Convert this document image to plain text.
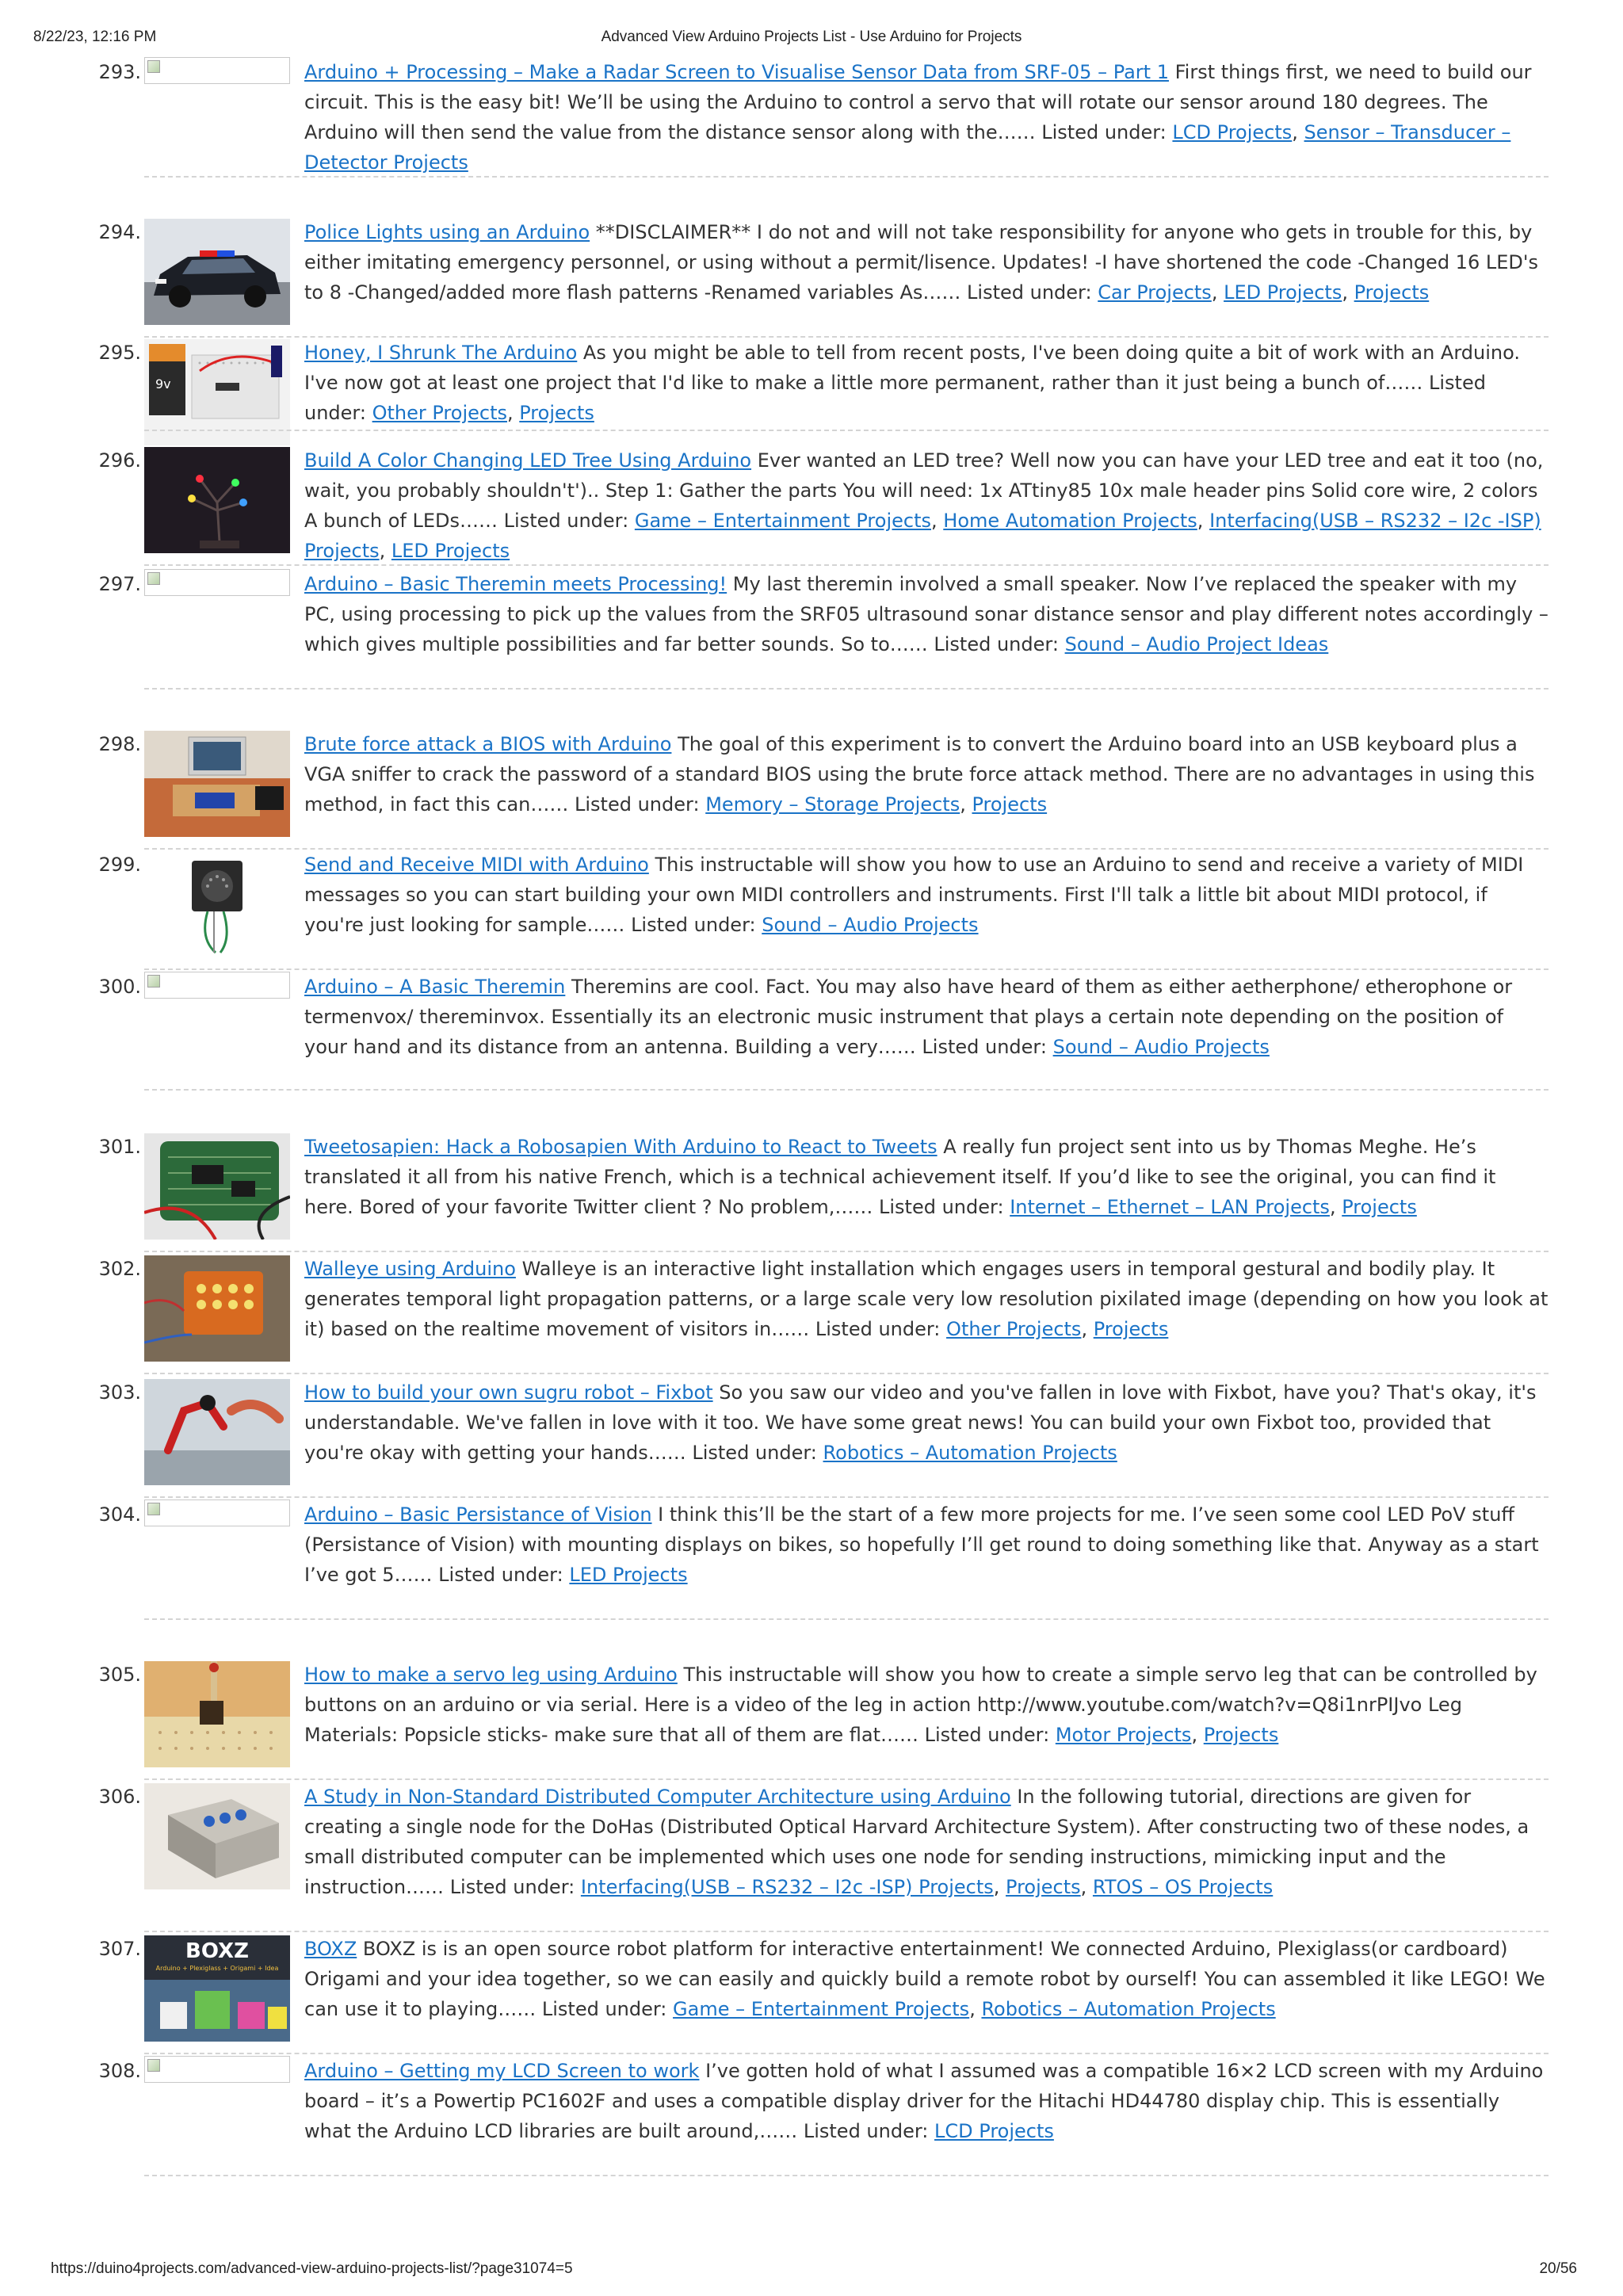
8/22/23, 12:16 PM	Advanced View Arduino Projects List - Use Arduino for Projects
293.	Arduino + Processing – Make a Radar Screen to Visualise Sensor Data from SRF-05 – Part 1 First things first, we need to build our circuit. This is the easy bit! We’ll be using the Arduino to control a servo that will rotate our sensor around 180 degrees. The Arduino will then send the value from the distance sensor along with the…… Listed under: LCD Projects, Sensor – Transducer – Detector Projects
294.	Police Lights using an Arduino **DISCLAIMER** I do not and will not take responsibility for anyone who gets in trouble for this, by either imitating emergency personnel, or using without a permit/lisence. Updates! -I have shortened the code -Changed 16 LED's to 8 -Changed/added more flash patterns -Renamed variables As…… Listed under: Car Projects, LED Projects, Projects
295.
9v
Honey, I Shrunk The Arduino As you might be able to tell from recent posts, I've been doing quite a bit of work with an Arduino. I've now got at least one project that I'd like to make a little more permanent, rather than it just being a bunch of…… Listed under: Other Projects, Projects
296.	Build A Color Changing LED Tree Using Arduino Ever wanted an LED tree? Well now you can have your LED tree and eat it too (no, wait, you probably shouldn't').. Step 1: Gather the parts You will need: 1x ATtiny85 10x male header pins Solid core wire, 2 colors A bunch of LEDs…… Listed under: Game – Entertainment Projects, Home Automation Projects, Interfacing(USB – RS232 – I2c -ISP) Projects, LED Projects
297.	Arduino – Basic Theremin meets Processing! My last theremin involved a small speaker. Now I’ve replaced the speaker with my PC, using processing to pick up the values from the SRF05 ultrasound sonar distance sensor and play different notes accordingly – which gives multiple possibilities and far better sounds. So to…… Listed under: Sound – Audio Project Ideas
298.	Brute force attack a BIOS with Arduino The goal of this experiment is to convert the Arduino board into an USB keyboard plus a VGA sniffer to crack the password of a standard BIOS using the brute force attack method. There are no advantages in using this method, in fact this can…… Listed under: Memory – Storage Projects, Projects
299.	Send and Receive MIDI with Arduino This instructable will show you how to use an Arduino to send and receive a variety of MIDI messages so you can start building your own MIDI controllers and instruments. First I'll talk a little bit about MIDI protocol, if you're just looking for sample…… Listed under: Sound – Audio Projects
300.	Arduino – A Basic Theremin Theremins are cool. Fact. You may also have heard of them as either aetherphone/ etherophone or termenvox/ thereminvox. Essentially its an electronic music instrument that plays a certain note depending on the position of your hand and its distance from an antenna. Building a very…… Listed under: Sound – Audio Projects
301.	Tweetosapien: Hack a Robosapien With Arduino to React to Tweets A really fun project sent into us by Thomas Meghe. He’s translated it all from his native French, which is a technical achievement itself. If you’d like to see the original, you can find it here. Bored of your favorite Twitter client ? No problem,…… Listed under: Internet – Ethernet – LAN Projects, Projects
302.	Walleye using Arduino Walleye is an interactive light installation which engages users in temporal gestural and bodily play. It generates temporal light propagation patterns, or a large scale very low resolution pixilated image (depending on how you look at it) based on the realtime movement of visitors in…… Listed under: Other Projects, Projects
303.	How to build your own sugru robot – Fixbot So you saw our video and you've fallen in love with Fixbot, have you? That's okay, it's understandable. We've fallen in love with it too. We have some great news! You can build your own Fixbot too, provided that you're okay with getting your hands…… Listed under: Robotics – Automation Projects
304.	Arduino – Basic Persistance of Vision I think this’ll be the start of a few more projects for me. I’ve seen some cool LED PoV stuff (Persistance of Vision) with mounting displays on bikes, so hopefully I’ll get round to doing something like that. Anyway as a start I’ve got 5…… Listed under: LED Projects
305.	How to make a servo leg using Arduino This instructable will show you how to create a simple servo leg that can be controlled by buttons on an arduino or via serial. Here is a video of the leg in action http://www.youtube.com/watch?v=Q8i1nrPIJvo Leg Materials: Popsicle sticks- make sure that all of them are flat…… Listed under: Motor Projects, Projects
306.	A Study in Non-Standard Distributed Computer Architecture using Arduino In the following tutorial, directions are given for creating a single node for the DoHas (Distributed Optical Harvard Architecture System). After constructing two of these nodes, a small distributed computer can be implemented which uses one node for sending instructions, mimicking input and the instruction…… Listed under: Interfacing(USB – RS232 – I2c -ISP) Projects, Projects, RTOS – OS Projects
307. BOXZ
Arduino + Plexiglass + Origami + Idea
BOXZ BOXZ is is an open source robot platform for interactive entertainment! We connected Arduino, Plexiglass(or cardboard) Origami and your idea together, so we can easily and quickly build a remote robot by ourself! You can assembled it like LEGO! We can use it to playing…… Listed under: Game – Entertainment Projects, Robotics – Automation Projects
308.	Arduino – Getting my LCD Screen to work I’ve gotten hold of what I assumed was a compatible 16×2 LCD screen with my Arduino board – it’s a Powertip PC1602F and uses a compatible display driver for the Hitachi HD44780 display chip. This is essentially what the Arduino LCD libraries are built around,…… Listed under: LCD Projects
https://duino4projects.com/advanced-view-arduino-projects-list/?page31074=5	20/56
